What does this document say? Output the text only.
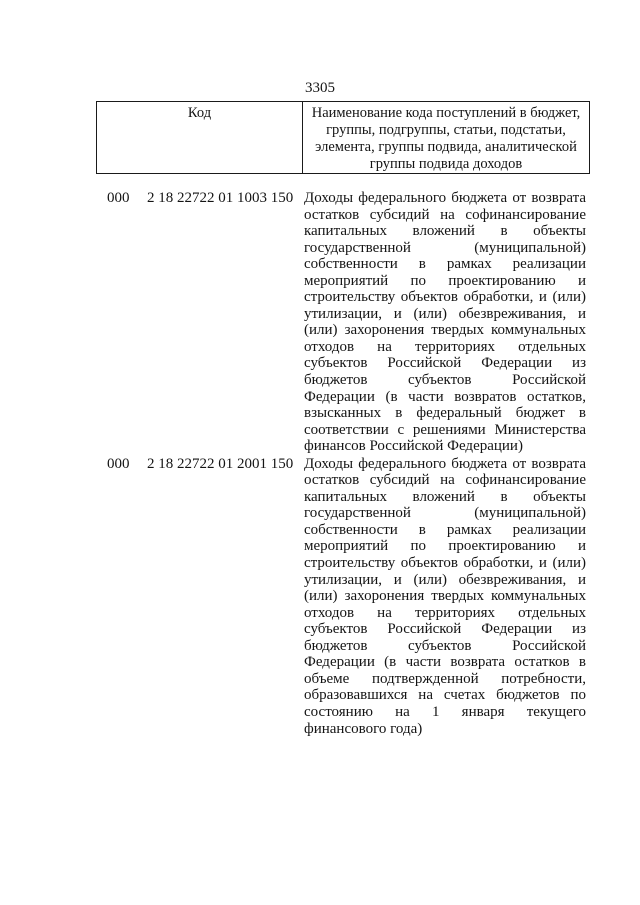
3305
Код	Наименование кода поступлений в бюджет, группы, подгруппы, статьи, подстатьи, элемента, группы подвида, аналитической группы подвида доходов
000 2 18 22722 01 1003 150 Доходы федерального бюджета от возврата остатков субсидий на софинансирование капитальных вложений в объекты государственной (муниципальной) собственности в рамках реализации мероприятий по проектированию и строительству объектов обработки, и (или) утилизации, и (или) обезвреживания, и (или) захоронения твердых коммунальных отходов на территориях отдельных субъектов Российской Федерации из бюджетов субъектов Российской Федерации (в части возвратов остатков, взысканных в федеральный бюджет в соответствии с решениями Министерства финансов Российской Федерации)
000 2 18 22722 01 2001 150 Доходы федерального бюджета от возврата остатков субсидий на софинансирование капитальных вложений в объекты государственной (муниципальной) собственности в рамках реализации мероприятий по проектированию и строительству объектов обработки, и (или) утилизации, и (или) обезвреживания, и (или) захоронения твердых коммунальных отходов на территориях отдельных субъектов Российской Федерации из бюджетов субъектов Российской Федерации (в части возврата остатков в объеме подтвержденной потребности, образовавшихся на счетах бюджетов по состоянию на 1 января текущего финансового года)
